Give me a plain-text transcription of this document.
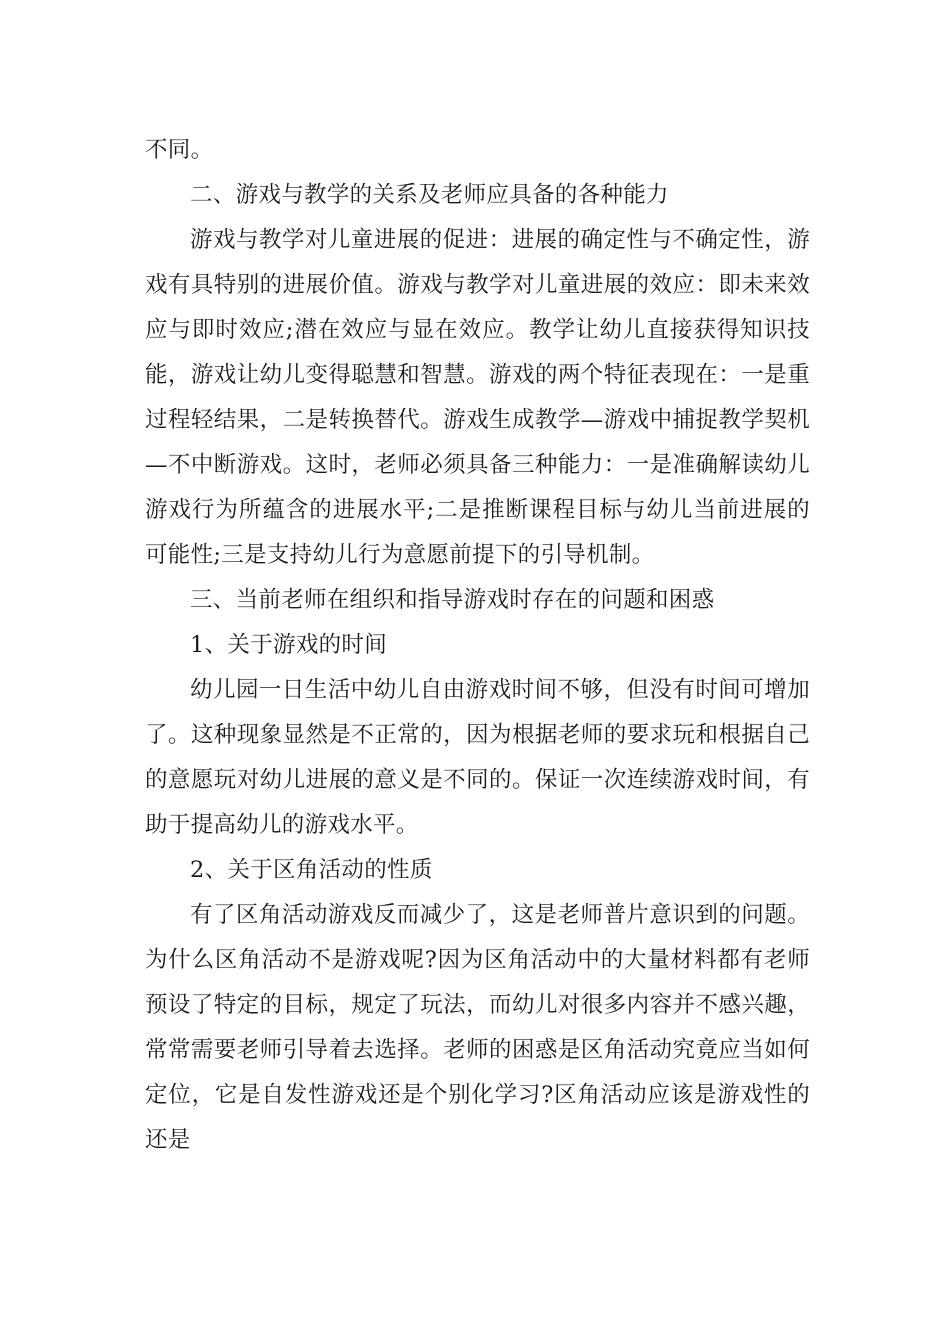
不同。

二、游戏与教学的关系及老师应具备的各种能力

游戏与教学对儿童进展的促进：进展的确定性与不确定性，游戏有具特别的进展价值。游戏与教学对儿童进展的效应：即未来效应与即时效应;潜在效应与显在效应。教学让幼儿直接获得知识技能，游戏让幼儿变得聪慧和智慧。游戏的两个特征表现在：一是重过程轻结果，二是转换替代。游戏生成教学—游戏中捕捉教学契机—不中断游戏。这时，老师必须具备三种能力：一是准确解读幼儿游戏行为所蕴含的进展水平;二是推断课程目标与幼儿当前进展的可能性;三是支持幼儿行为意愿前提下的引导机制。

三、当前老师在组织和指导游戏时存在的问题和困惑

1、关于游戏的时间

幼儿园一日生活中幼儿自由游戏时间不够，但没有时间可增加了。这种现象显然是不正常的，因为根据老师的要求玩和根据自己的意愿玩对幼儿进展的意义是不同的。保证一次连续游戏时间，有助于提高幼儿的游戏水平。

2、关于区角活动的性质

有了区角活动游戏反而减少了，这是老师普片意识到的问题。为什么区角活动不是游戏呢?因为区角活动中的大量材料都有老师预设了特定的目标，规定了玩法，而幼儿对很多内容并不感兴趣，常常需要老师引导着去选择。老师的困惑是区角活动究竟应当如何定位，它是自发性游戏还是个别化学习?区角活动应该是游戏性的还是
